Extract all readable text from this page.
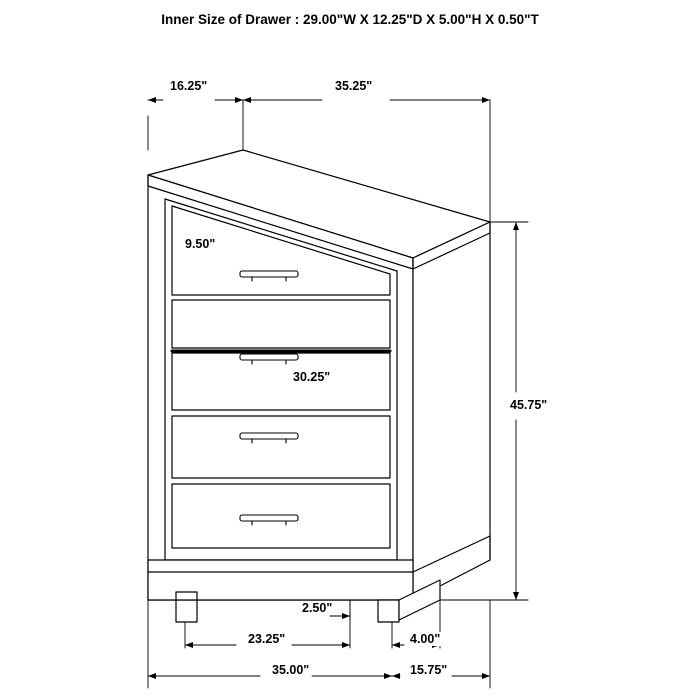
Inner Size of Drawer : 29.00"W X 12.25"D X 5.00"H X 0.50"T
16.25"	35.25"
9.50"
30.25"
45.75"
2.50"
23.25"	4.00"
35.00"	15.75"
